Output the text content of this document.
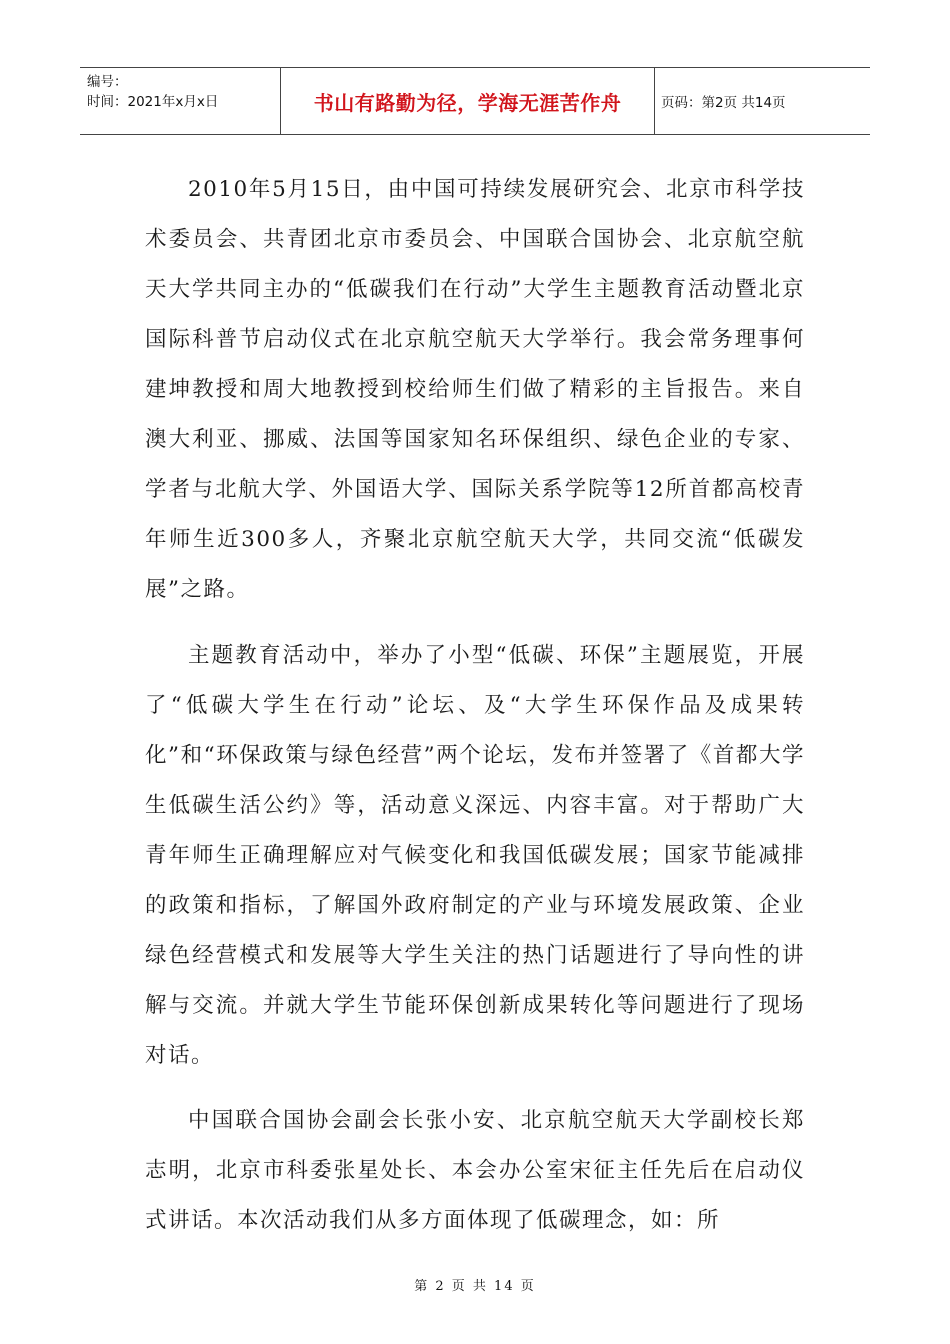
编号：
时间：2021年x月x日	书山有路勤为径，学海无涯苦作舟	页码：第2页 共14页

2010年5月15日，由中国可持续发展研究会、北京市科学技术委员会、共青团北京市委员会、中国联合国协会、北京航空航天大学共同主办的“低碳我们在行动”大学生主题教育活动暨北京国际科普节启动仪式在北京航空航天大学举行。我会常务理事何建坤教授和周大地教授到校给师生们做了精彩的主旨报告。来自澳大利亚、挪威、法国等国家知名环保组织、绿色企业的专家、学者与北航大学、外国语大学、国际关系学院等12所首都高校青年师生近300多人，齐聚北京航空航天大学，共同交流“低碳发展”之路。

主题教育活动中，举办了小型“低碳、环保”主题展览，开展了“低碳大学生在行动”论坛、及“大学生环保作品及成果转化”和“环保政策与绿色经营”两个论坛，发布并签署了《首都大学生低碳生活公约》等，活动意义深远、内容丰富。对于帮助广大青年师生正确理解应对气候变化和我国低碳发展；国家节能减排的政策和指标，了解国外政府制定的产业与环境发展政策、企业绿色经营模式和发展等大学生关注的热门话题进行了导向性的讲解与交流。并就大学生节能环保创新成果转化等问题进行了现场对话。

中国联合国协会副会长张小安、北京航空航天大学副校长郑志明，北京市科委张星处长、本会办公室宋征主任先后在启动仪式讲话。本次活动我们从多方面体现了低碳理念，如：所

第 2 页 共 14 页
